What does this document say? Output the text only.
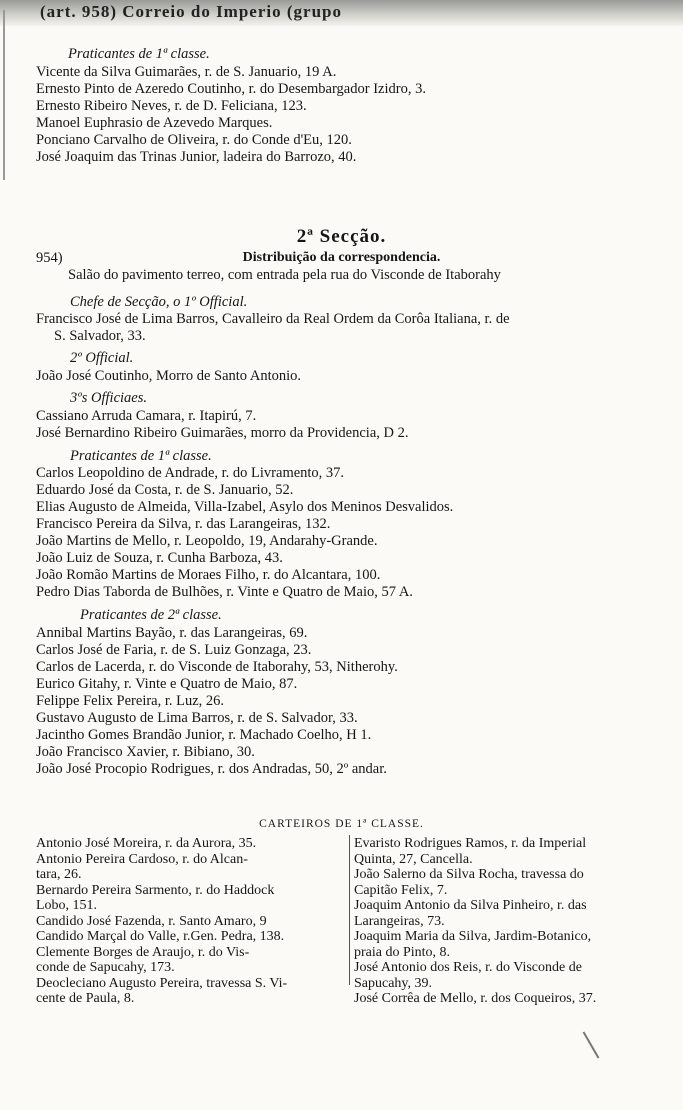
(art. 958) Correio do Imperio (grupo
Praticantes de 1ª classe.
Vicente da Silva Guimarães, r. de S. Januario, 19 A.
Ernesto Pinto de Azeredo Coutinho, r. do Desembargador Izidro, 3.
Ernesto Ribeiro Neves, r. de D. Feliciana, 123.
Manoel Euphrasio de Azevedo Marques.
Ponciano Carvalho de Oliveira, r. do Conde d'Eu, 120.
José Joaquim das Trinas Junior, ladeira do Barrozo, 40.
2ª Secção.
954)	Distribuição da correspondencia.
Salão do pavimento terreo, com entrada pela rua do Visconde de Itaborahy
Chefe de Secção, o 1º Official.
Francisco José de Lima Barros, Cavalleiro da Real Ordem da Corôa Italiana, r. de
S. Salvador, 33.
2º Official.
João José Coutinho, Morro de Santo Antonio.
3ºs Officiaes.
Cassiano Arruda Camara, r. Itapirú, 7.
José Bernardino Ribeiro Guimarães, morro da Providencia, D 2.
Praticantes de 1ª classe.
Carlos Leopoldino de Andrade, r. do Livramento, 37.
Eduardo José da Costa, r. de S. Januario, 52.
Elias Augusto de Almeida, Villa-Izabel, Asylo dos Meninos Desvalidos.
Francisco Pereira da Silva, r. das Larangeiras, 132.
João Martins de Mello, r. Leopoldo, 19, Andarahy-Grande.
João Luiz de Souza, r. Cunha Barboza, 43.
João Romão Martins de Moraes Filho, r. do Alcantara, 100.
Pedro Dias Taborda de Bulhões, r. Vinte e Quatro de Maio, 57 A.
Praticantes de 2ª classe.
Annibal Martins Bayão, r. das Larangeiras, 69.
Carlos José de Faria, r. de S. Luiz Gonzaga, 23.
Carlos de Lacerda, r. do Visconde de Itaborahy, 53, Nitherohy.
Eurico Gitahy, r. Vinte e Quatro de Maio, 87.
Felippe Felix Pereira, r. Luz, 26.
Gustavo Augusto de Lima Barros, r. de S. Salvador, 33.
Jacintho Gomes Brandão Junior, r. Machado Coelho, H 1.
João Francisco Xavier, r. Bibiano, 30.
João José Procopio Rodrigues, r. dos Andradas, 50, 2º andar.
CARTEIROS DE 1ª CLASSE.
Antonio José Moreira, r. da Aurora, 35.
Antonio Pereira Cardoso, r. do Alcan-
tara, 26.
Bernardo Pereira Sarmento, r. do Haddock
Lobo, 151.
Candido José Fazenda, r. Santo Amaro, 9
Candido Marçal do Valle, r.Gen. Pedra, 138.
Clemente Borges de Araujo, r. do Vis-
conde de Sapucahy, 173.
Deocleciano Augusto Pereira, travessa S. Vi-
cente de Paula, 8.
Evaristo Rodrigues Ramos, r. da Imperial
Quinta, 27, Cancella.
João Salerno da Silva Rocha, travessa do
Capitão Felix, 7.
Joaquim Antonio da Silva Pinheiro, r. das
Larangeiras, 73.
Joaquim Maria da Silva, Jardim-Botanico,
praia do Pinto, 8.
José Antonio dos Reis, r. do Visconde de
Sapucahy, 39.
José Corrêa de Mello, r. dos Coqueiros, 37.
